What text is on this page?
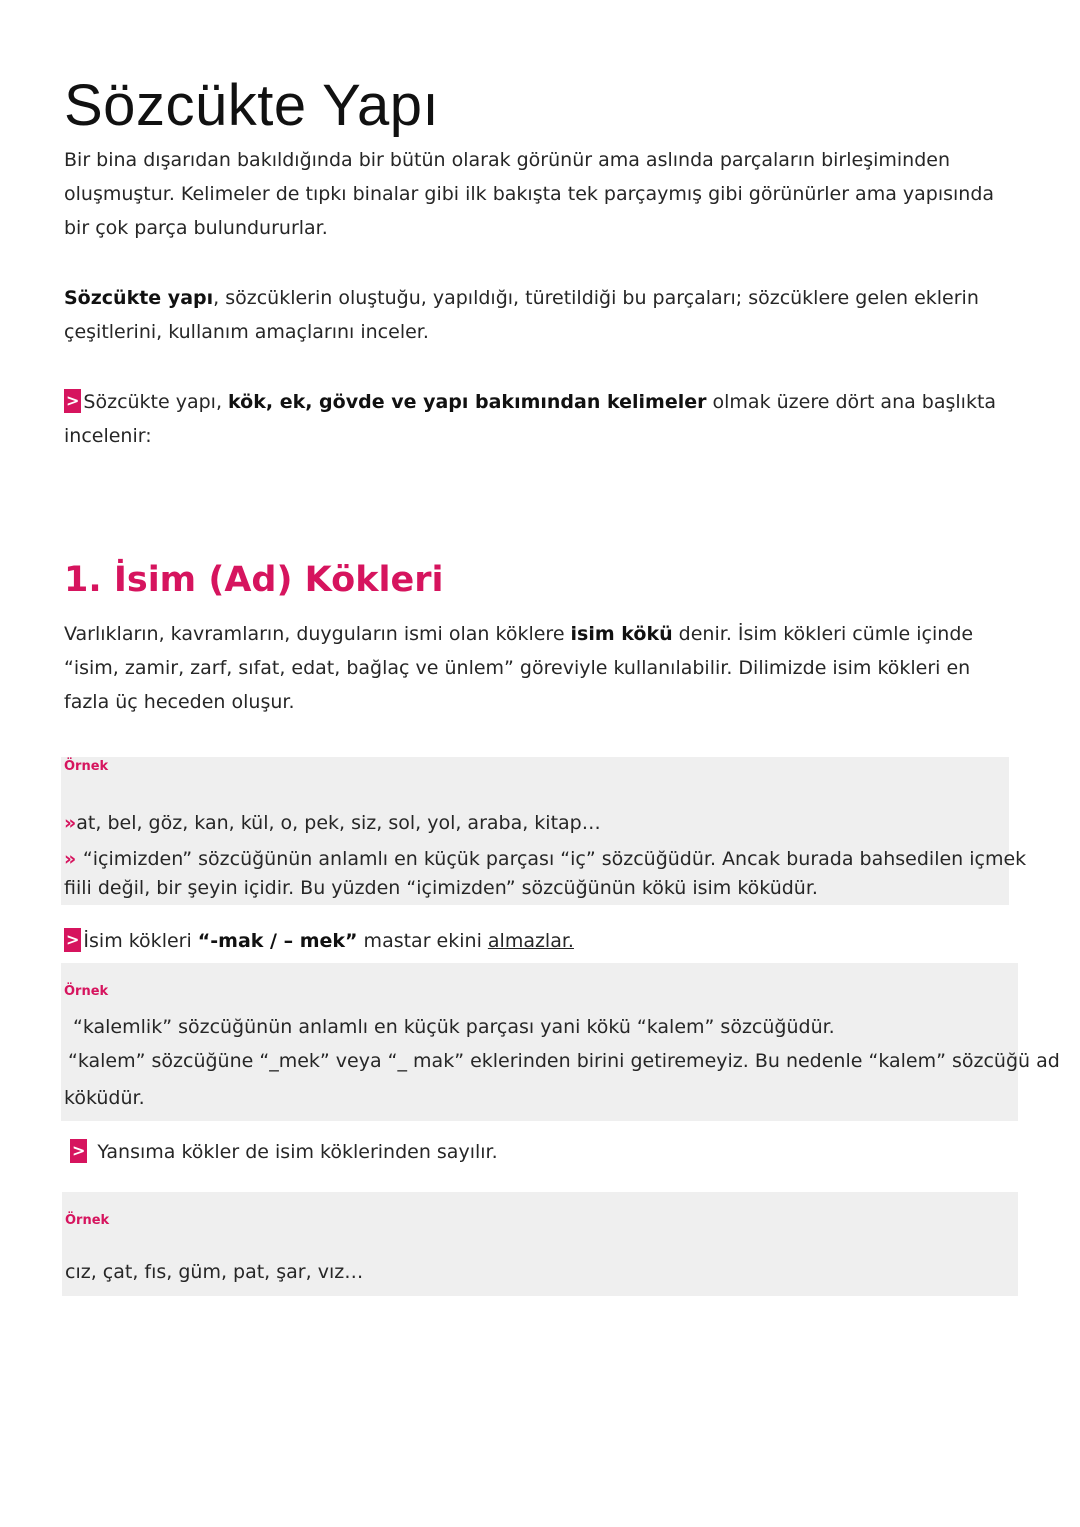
Sözcükte Yapı

Bir bina dışarıdan bakıldığında bir bütün olarak görünür ama aslında parçaların birleşiminden oluşmuştur. Kelimeler de tıpkı binalar gibi ilk bakışta tek parçaymış gibi görünürler ama yapısında bir çok parça bulundururlar.

Sözcükte yapı, sözcüklerin oluştuğu, yapıldığı, türetildiği bu parçaları; sözcüklere gelen eklerin çeşitlerini, kullanım amaçlarını inceler.

> Sözcükte yapı, kök, ek, gövde ve yapı bakımından kelimeler olmak üzere dört ana başlıkta incelenir:

1. İsim (Ad) Kökleri

Varlıkların, kavramların, duyguların ismi olan köklere isim kökü denir. İsim kökleri cümle içinde “isim, zamir, zarf, sıfat, edat, bağlaç ve ünlem” göreviyle kullanılabilir. Dilimizde isim kökleri en fazla üç heceden oluşur.

Örnek
»at, bel, göz, kan, kül, o, pek, siz, sol, yol, araba, kitap…
» “içimizden” sözcüğünün anlamlı en küçük parçası “iç” sözcüğüdür. Ancak burada bahsedilen içmek
fiili değil, bir şeyin içidir. Bu yüzden “içimizden” sözcüğünün kökü isim köküdür.

> İsim kökleri “-mak / – mek” mastar ekini almazlar.

Örnek
“kalemlik” sözcüğünün anlamlı en küçük parçası yani kökü “kalem” sözcüğüdür.
“kalem” sözcüğüne “_mek” veya “_ mak” eklerinden birini getiremeyiz. Bu nedenle “kalem” sözcüğü ad
köküdür.

> Yansıma kökler de isim köklerinden sayılır.

Örnek
cız, çat, fıs, güm, pat, şar, vız…
